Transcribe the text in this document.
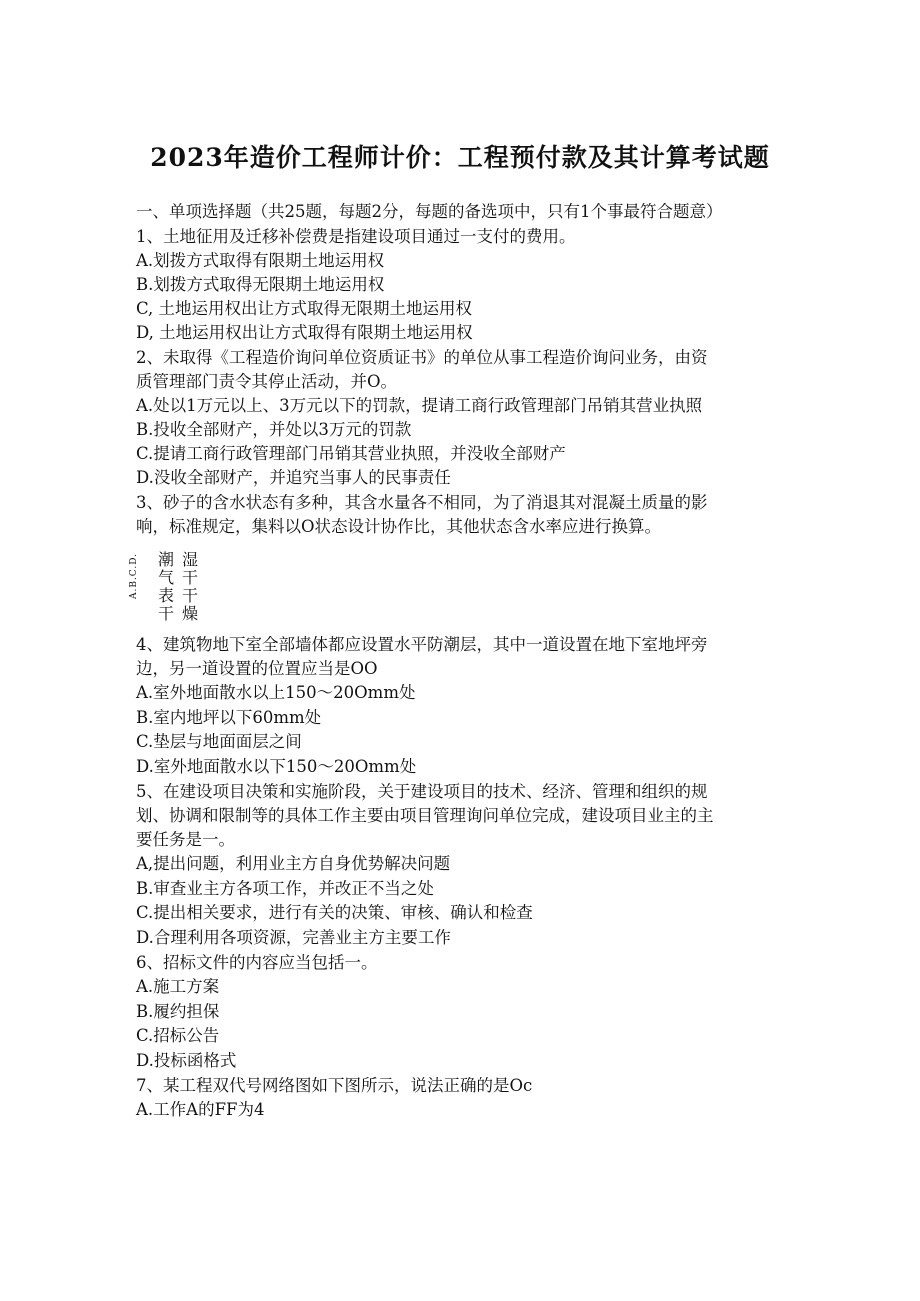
2023年造价工程师计价：工程预付款及其计算考试题
一、单项选择题（共25题，每题2分，每题的备选项中，只有1个事最符合题意）
1、土地征用及迁移补偿费是指建设项目通过一支付的费用。
A.划拨方式取得有限期土地运用权
B.划拨方式取得无限期土地运用权
C, 土地运用权出让方式取得无限期土地运用权
D, 土地运用权出让方式取得有限期土地运用权
2、未取得《工程造价询问单位资质证书》的单位从事工程造价询问业务，由资
质管理部门责令其停止活动，并O。
A.处以1万元以上、3万元以下的罚款，提请工商行政管理部门吊销其营业执照
B.投收全部财产，并处以3万元的罚款
C.提请工商行政管理部门吊销其营业执照，并没收全部财产
D.没收全部财产，并追究当事人的民事责任
3、砂子的含水状态有多种，其含水量各不相同，为了消退其对混凝土质量的影
响，标准规定，集料以O状态设计协作比，其他状态含水率应进行换算。
A.B.C.D. 潮
气
表
干
湿
干
干
燥
4、建筑物地下室全部墙体都应设置水平防潮层，其中一道设置在地下室地坪旁
边，另一道设置的位置应当是OO
A.室外地面散水以上150～20Omm处
B.室内地坪以下60mm处
C.垫层与地面面层之间
D.室外地面散水以下150～20Omm处
5、在建设项目决策和实施阶段，关于建设项目的技术、经济、管理和组织的规
划、协调和限制等的具体工作主要由项目管理询问单位完成，建设项目业主的主
要任务是一。
A,提出问题，利用业主方自身优势解决问题
B.审查业主方各项工作，并改正不当之处
C.提出相关要求，进行有关的决策、审核、确认和检查
D.合理利用各项资源，完善业主方主要工作
6、招标文件的内容应当包括一。
A.施工方案
B.履约担保
C.招标公告
D.投标函格式
7、某工程双代号网络图如下图所示，说法正确的是Oc
A.工作A的FF为4
